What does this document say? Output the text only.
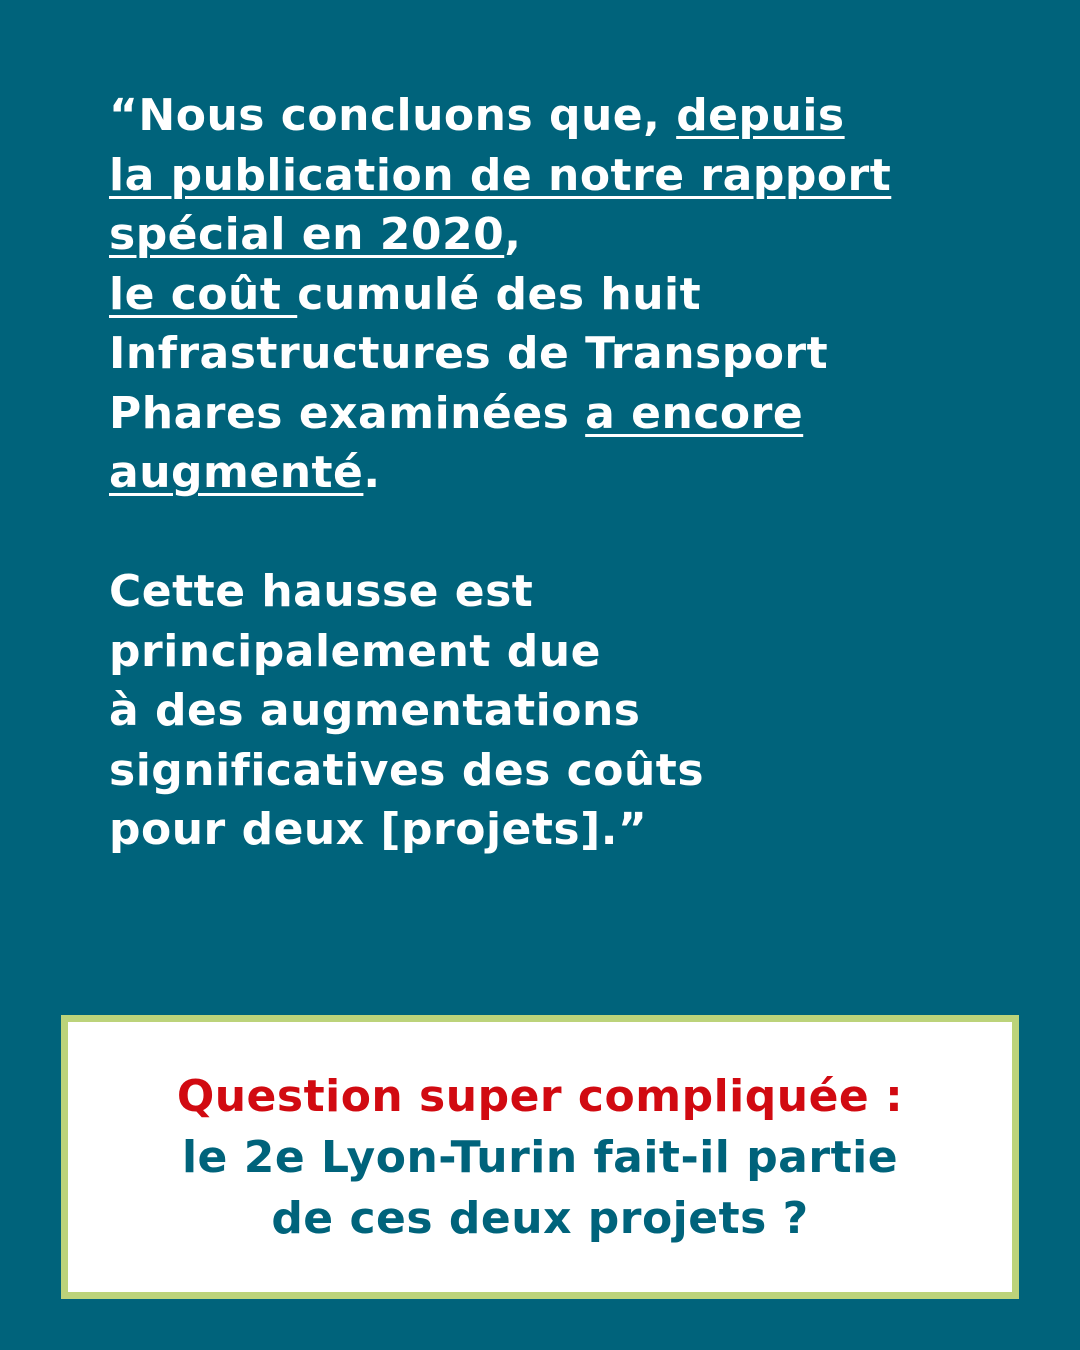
“Nous concluons que, depuis
la publication de notre rapport
spécial en 2020,
le coût cumulé des huit
Infrastructures de Transport
Phares examinées a encore
augmenté.
Cette hausse est
principalement due
à des augmentations
significatives des coûts
pour deux [projets].”
Question super compliquée :
le 2e Lyon-Turin fait-il partie
de ces deux projets ?
